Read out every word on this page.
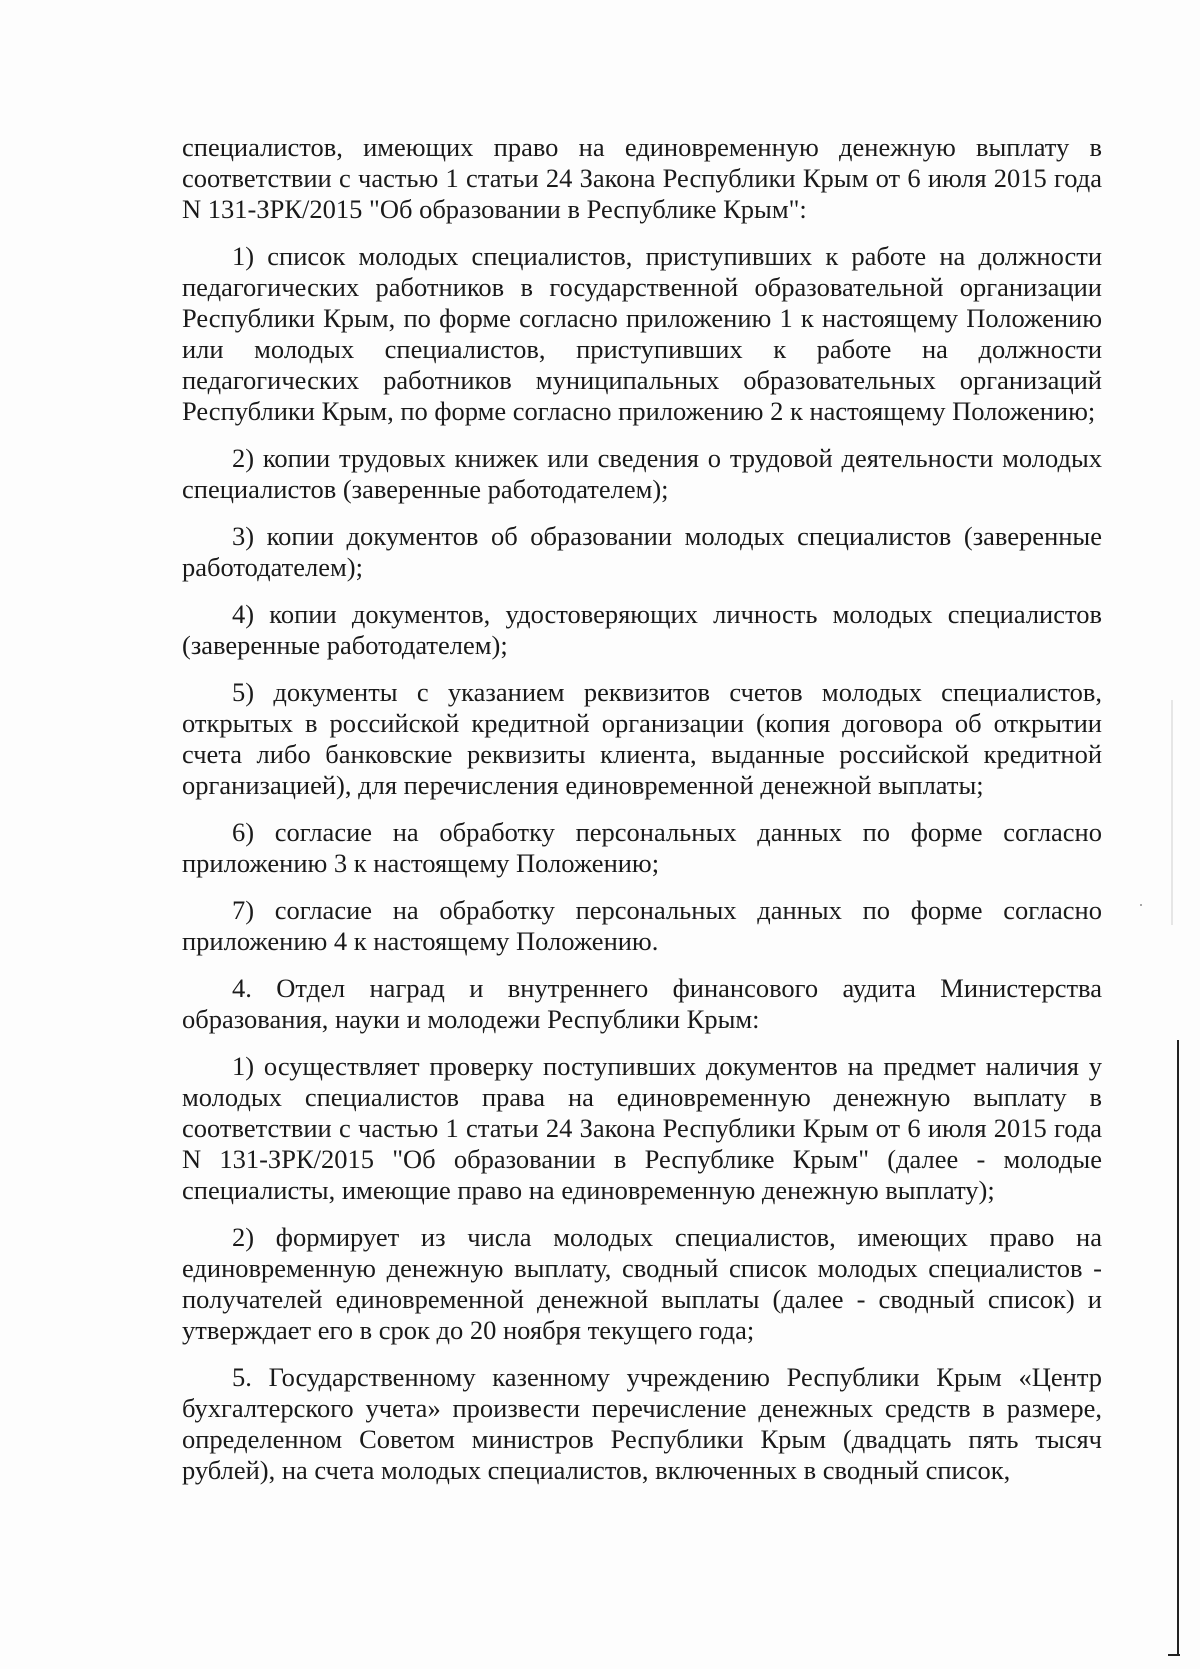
специалистов, имеющих право на единовременную денежную выплату в соответствии с частью 1 статьи 24 Закона Республики Крым от 6 июля 2015 года N 131-ЗРК/2015 "Об образовании в Республике Крым":

1) список молодых специалистов, приступивших к работе на должности педагогических работников в государственной образовательной организации Республики Крым, по форме согласно приложению 1 к настоящему Положению или молодых специалистов, приступивших к работе на должности педагогических работников муниципальных образовательных организаций Республики Крым, по форме согласно приложению 2 к настоящему Положению;

2) копии трудовых книжек или сведения о трудовой деятельности молодых специалистов (заверенные работодателем);

3) копии документов об образовании молодых специалистов (заверенные работодателем);

4) копии документов, удостоверяющих личность молодых специалистов (заверенные работодателем);

5) документы с указанием реквизитов счетов молодых специалистов, открытых в российской кредитной организации (копия договора об открытии счета либо банковские реквизиты клиента, выданные российской кредитной организацией), для перечисления единовременной денежной выплаты;

6) согласие на обработку персональных данных по форме согласно приложению 3 к настоящему Положению;

7) согласие на обработку персональных данных по форме согласно приложению 4 к настоящему Положению.

4. Отдел наград и внутреннего финансового аудита Министерства образования, науки и молодежи Республики Крым:

1) осуществляет проверку поступивших документов на предмет наличия у молодых специалистов права на единовременную денежную выплату в соответствии с частью 1 статьи 24 Закона Республики Крым от 6 июля 2015 года N 131-ЗРК/2015 "Об образовании в Республике Крым" (далее - молодые специалисты, имеющие право на единовременную денежную выплату);

2) формирует из числа молодых специалистов, имеющих право на единовременную денежную выплату, сводный список молодых специалистов - получателей единовременной денежной выплаты (далее - сводный список) и утверждает его в срок до 20 ноября текущего года;

5. Государственному казенному учреждению Республики Крым «Центр бухгалтерского учета» произвести перечисление денежных средств в размере, определенном Советом министров Республики Крым (двадцать пять тысяч рублей), на счета молодых специалистов, включенных в сводный список,
